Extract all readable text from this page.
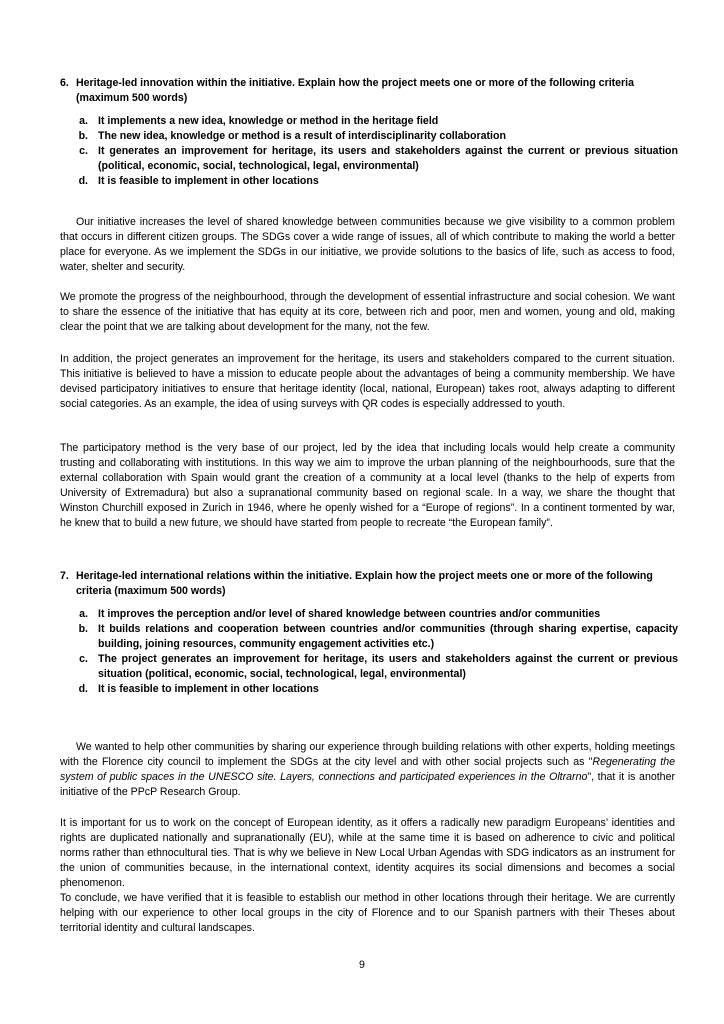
6. Heritage-led innovation within the initiative. Explain how the project meets one or more of the following criteria (maximum 500 words)
a. It implements a new idea, knowledge or method in the heritage field
b. The new idea, knowledge or method is a result of interdisciplinarity collaboration
c. It generates an improvement for heritage, its users and stakeholders against the current or previous situation (political, economic, social, technological, legal, environmental)
d. It is feasible to implement in other locations

Our initiative increases the level of shared knowledge between communities because we give visibility to a common problem that occurs in different citizen groups. The SDGs cover a wide range of issues, all of which contribute to making the world a better place for everyone. As we implement the SDGs in our initiative, we provide solutions to the basics of life, such as access to food, water, shelter and security.

We promote the progress of the neighbourhood, through the development of essential infrastructure and social cohesion. We want to share the essence of the initiative that has equity at its core, between rich and poor, men and women, young and old, making clear the point that we are talking about development for the many, not the few.

In addition, the project generates an improvement for the heritage, its users and stakeholders compared to the current situation. This initiative is believed to have a mission to educate people about the advantages of being a community membership. We have devised participatory initiatives to ensure that heritage identity (local, national, European) takes root, always adapting to different social categories. As an example, the idea of using surveys with QR codes is especially addressed to youth.

The participatory method is the very base of our project, led by the idea that including locals would help create a community trusting and collaborating with institutions. In this way we aim to improve the urban planning of the neighbourhoods, sure that the external collaboration with Spain would grant the creation of a community at a local level (thanks to the help of experts from University of Extremadura) but also a supranational community based on regional scale. In a way, we share the thought that Winston Churchill exposed in Zurich in 1946, where he openly wished for a “Europe of regions”. In a continent tormented by war, he knew that to build a new future, we should have started from people to recreate “the European family”.

7. Heritage-led international relations within the initiative. Explain how the project meets one or more of the following criteria (maximum 500 words)
a. It improves the perception and/or level of shared knowledge between countries and/or communities
b. It builds relations and cooperation between countries and/or communities (through sharing expertise, capacity building, joining resources, community engagement activities etc.)
c. The project generates an improvement for heritage, its users and stakeholders against the current or previous situation (political, economic, social, technological, legal, environmental)
d. It is feasible to implement in other locations

We wanted to help other communities by sharing our experience through building relations with other experts, holding meetings with the Florence city council to implement the SDGs at the city level and with other social projects such as "Regenerating the system of public spaces in the UNESCO site. Layers, connections and participated experiences in the Oltrarno", that it is another initiative of the PPcP Research Group.

It is important for us to work on the concept of European identity, as it offers a radically new paradigm Europeans’ identities and rights are duplicated nationally and supranationally (EU), while at the same time it is based on adherence to civic and political norms rather than ethnocultural ties. That is why we believe in New Local Urban Agendas with SDG indicators as an instrument for the union of communities because, in the international context, identity acquires its social dimensions and becomes a social phenomenon.

To conclude, we have verified that it is feasible to establish our method in other locations through their heritage. We are currently helping with our experience to other local groups in the city of Florence and to our Spanish partners with their Theses about territorial identity and cultural landscapes.

9
